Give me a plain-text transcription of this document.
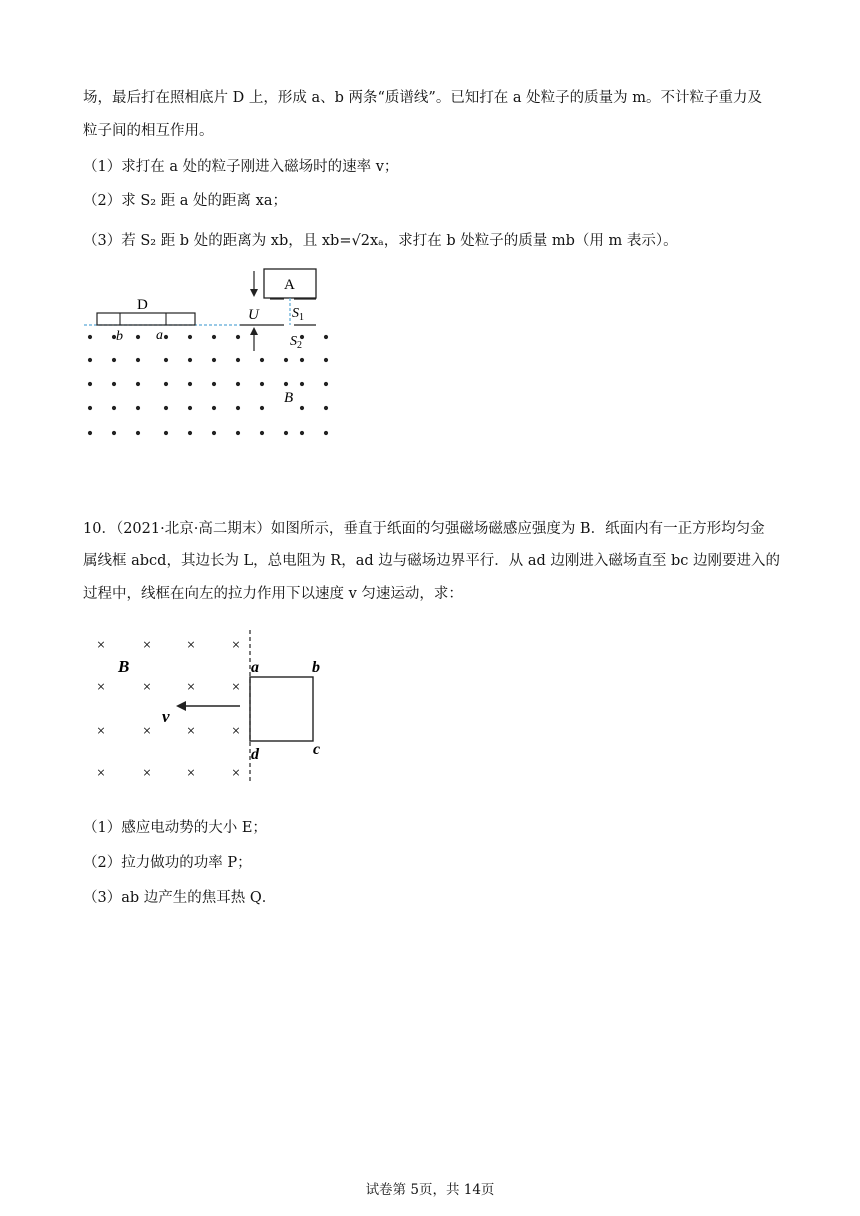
场，最后打在照相底片 D 上，形成 a、b 两条“质谱线”。已知打在 a 处粒子的质量为 m。不计粒子重力及
粒子间的相互作用。
（1）求打在 a 处的粒子刚进入磁场时的速率 v；
（2）求 S₂ 距 a 处的距离 xa；
（3）若 S₂ 距 b 处的距离为 xb，且 xb=√2xₐ，求打在 b 处粒子的质量 mb（用 m 表示）。
A
U $S_1$
$S_2$
D
b a
B
10．（2021·北京·高二期末）如图所示，垂直于纸面的匀强磁场磁感应强度为 B．纸面内有一正方形均匀金
属线框 abcd，其边长为 L，总电阻为 R，ad 边与磁场边界平行．从 ad 边刚进入磁场直至 bc 边刚要进入的
过程中，线框在向左的拉力作用下以速度 v 匀速运动，求：
×	× × ×
×	× × ×
×	× × ×
×	× × ×
v
B	a	b
c
d
（1）感应电动势的大小 E；
（2）拉力做功的功率 P；
（3）ab 边产生的焦耳热 Q．
试卷第 5页，共 14页
